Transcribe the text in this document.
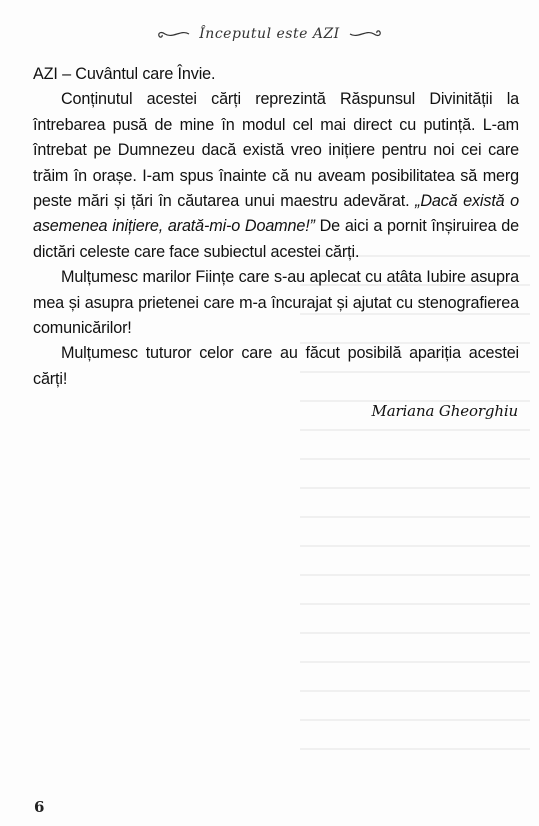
Începutul este AZI

AZI – Cuvântul care Învie.

Conținutul acestei cărți reprezintă Răspunsul Divinității la întrebarea pusă de mine în modul cel mai direct cu putință. L-am întrebat pe Dumnezeu dacă există vreo inițiere pentru noi cei care trăim în orașe. I-am spus înainte că nu aveam posibilitatea să merg peste mări și țări în căutarea unui maestru adevărat. „Dacă există o asemenea inițiere, arată-mi-o Doamne!” De aici a pornit înșiruirea de dictări celeste care face subiectul acestei cărți.

Mulțumesc marilor Ființe care s-au aplecat cu atâta Iubire asupra mea și asupra prietenei care m-a încurajat și ajutat cu stenografierea comunicărilor!

Mulțumesc tuturor celor care au făcut posibilă apariția acestei cărți!

Mariana Gheorghiu
6
